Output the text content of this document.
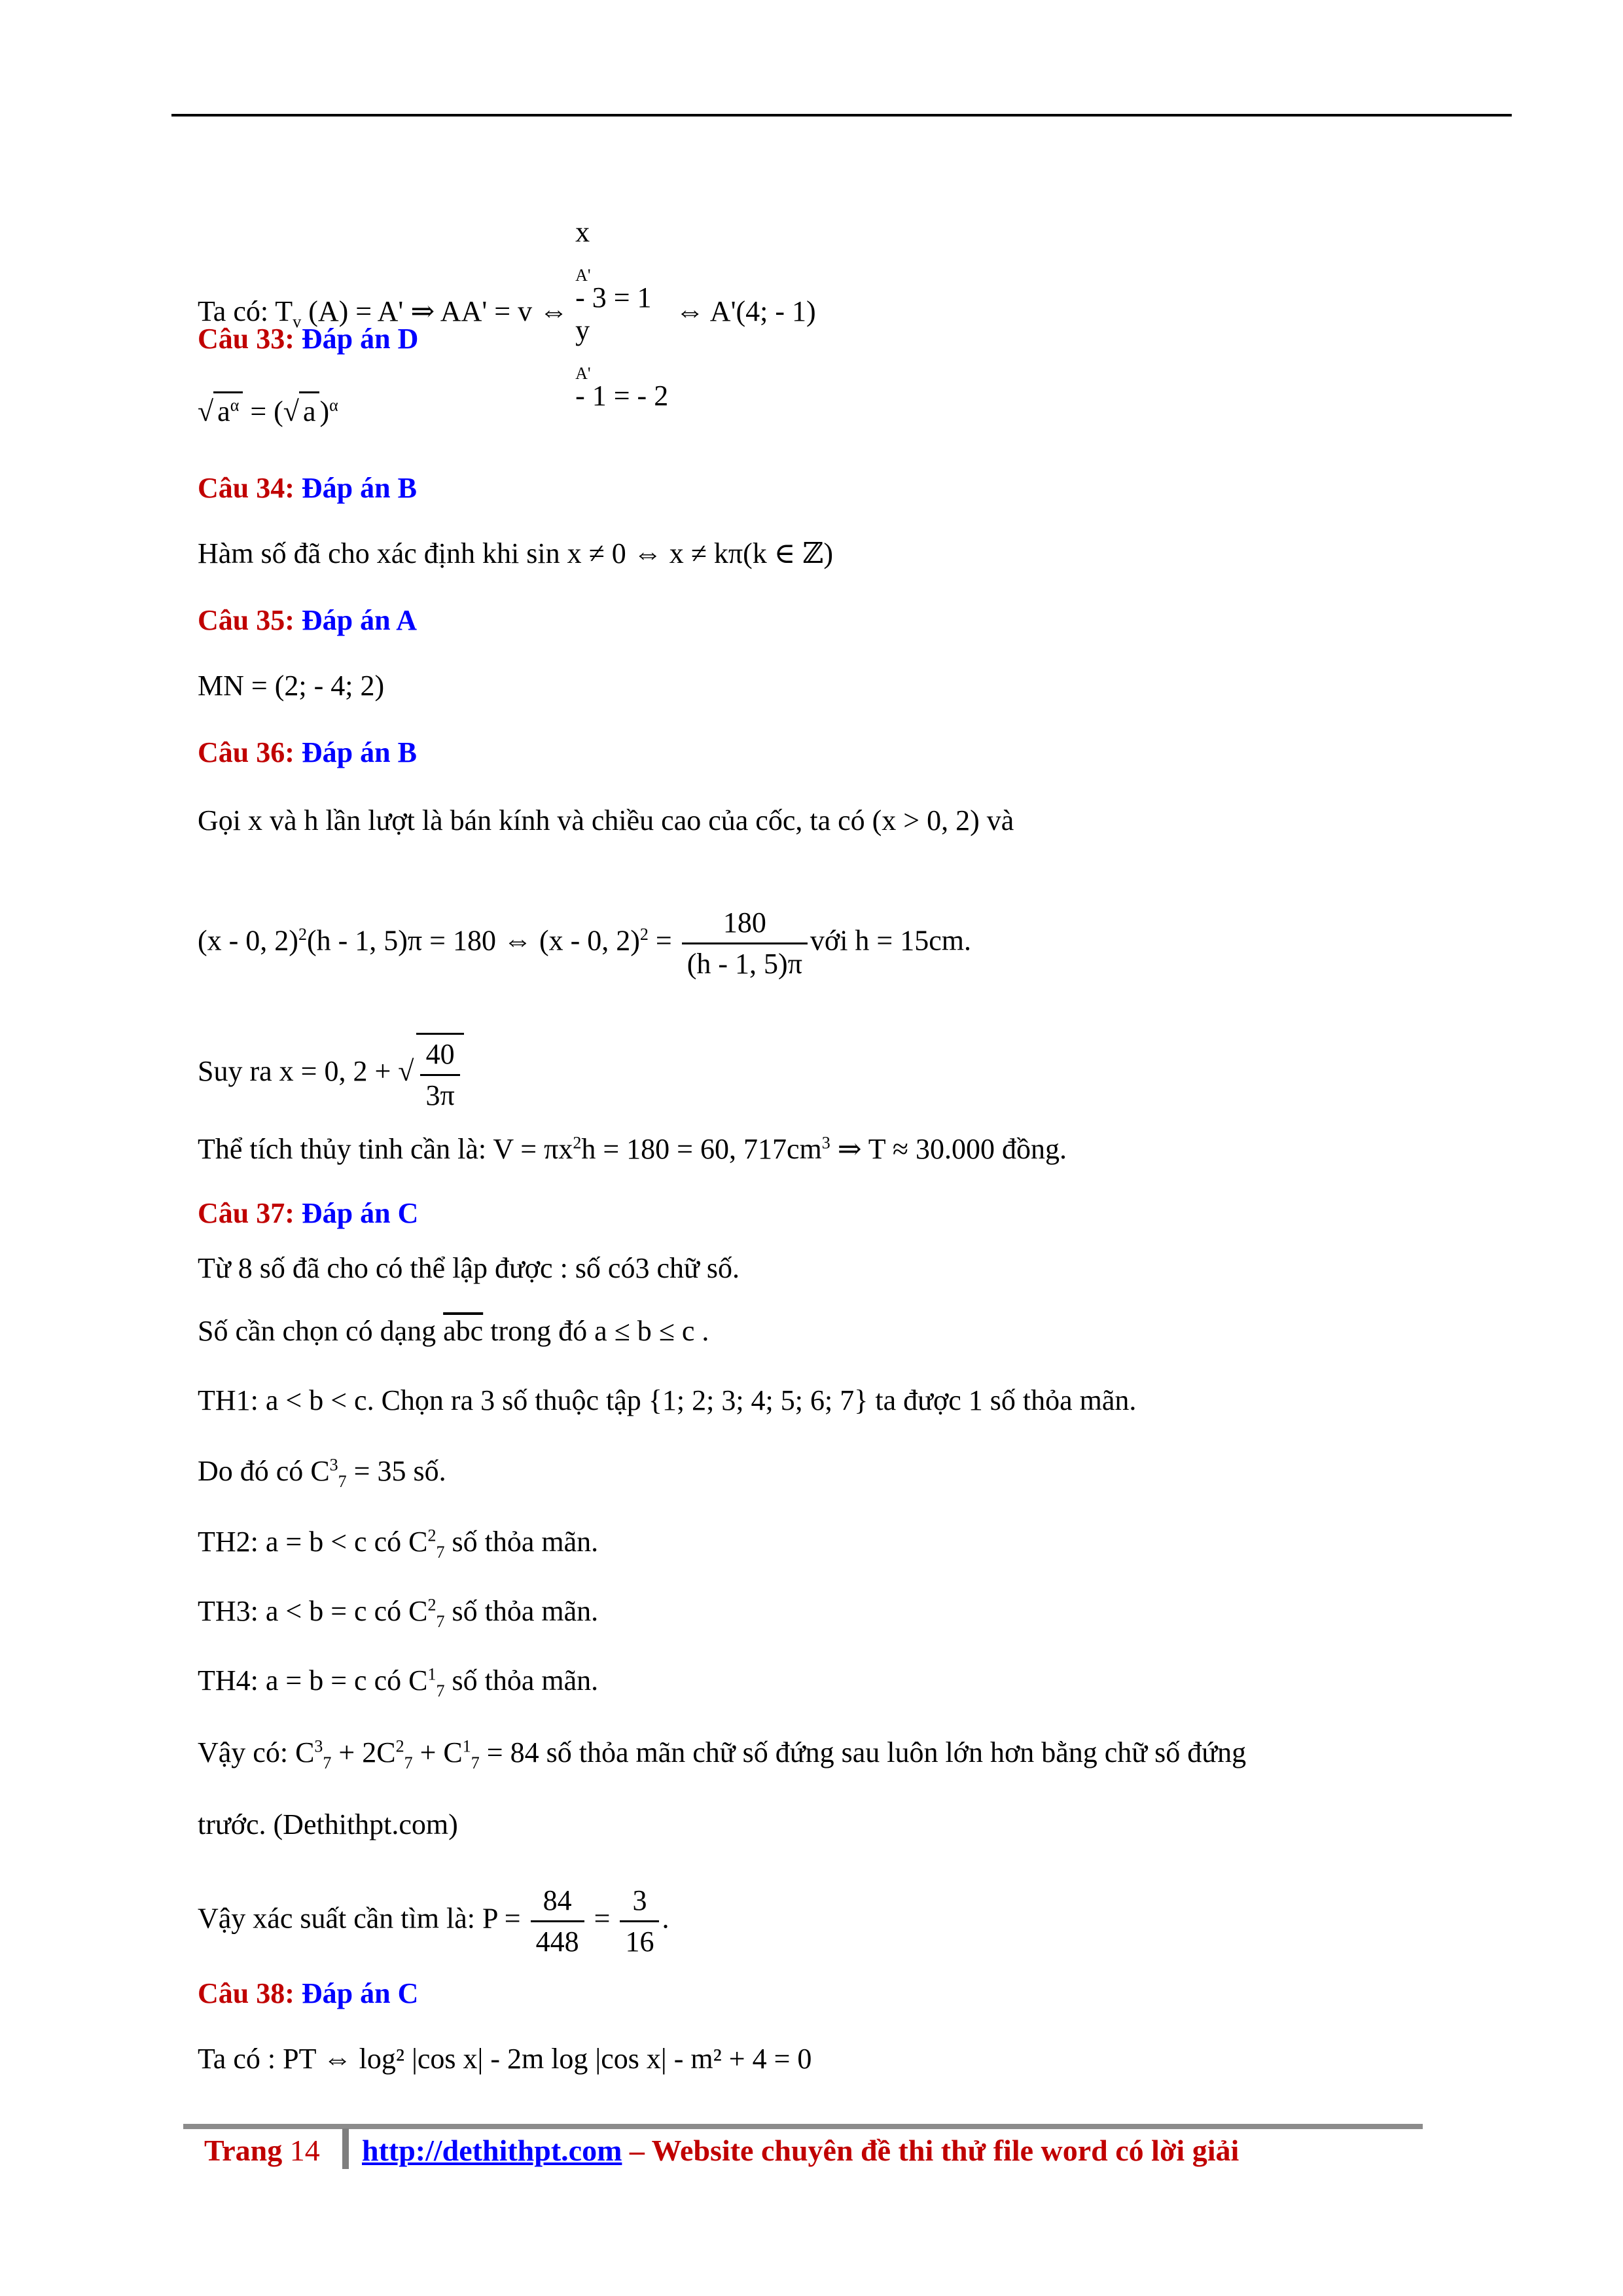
Ta có: $T_v$ (A) = A' ⇒ AA' = v ⇔
x
$_{A'}$
- 3 = 1
y
$_{A'}$
- 1 = - 2
⇔ A'(4; - 1)
Câu 33: Đáp án D
√ $a^\alpha$ = (√ a )$^\alpha$
Câu 34: Đáp án B
Hàm số đã cho xác định khi sin x ≠ 0 ⇔ x ≠ kπ(k ∈ ℤ)
Câu 35: Đáp án A
MN = (2; - 4; 2)
Câu 36: Đáp án B
Gọi x và h lần lượt là bán kính và chiều cao của cốc, ta có (x > 0, 2) và
(x - 0, 2)$^2$(h - 1, 5)π = 180 ⇔ (x - 0, $2)^2 = \frac{180}{(h - 1, 5)\pi}$ với h = 15cm.
Suy ra x = 0, 2 + √ $\frac{40}{3\pi}$
Thể tích thủy tinh cần là: $V = \pi x^2h = 180 = 60$, $717cm^3$ ⇒ T ≈ 30.000 đồng.
Câu 37: Đáp án C
Từ 8 số đã cho có thể lập được : số có3 chữ số.
Số cần chọn có dạng $\overline{abc}$ trong đó a ≤ b ≤ c .
TH1: a < b < c. Chọn ra 3 số thuộc tập {1; 2; 3; 4; 5; 6; 7} ta được 1 số thỏa mãn.
Do đó có $C^3_7 = 35$ số.
TH2: a = b < c có $C^2_7$ số thỏa mãn.
TH3: a < b = c có $C^2_7$ số thỏa mãn.
TH4: a = b = c có $C^1_7$ số thỏa mãn.
Vậy có: $C^3_7 + 2C^2_7 + C^1_7 = 84$ số thỏa mãn chữ số đứng sau luôn lớn hơn bằng chữ số đứng
trước. (Dethithpt.com)
Vậy xác suất cần tìm là: $P = \frac{84}{448} = \frac{3}{16}$ .
Câu 38: Đáp án C
Ta có : PT ⇔ log² |cos x| - 2m log |cos x| - m² + 4 = 0
Trang 14 http://dethithpt.com – Website chuyên đề thi thử file word có lời giải
